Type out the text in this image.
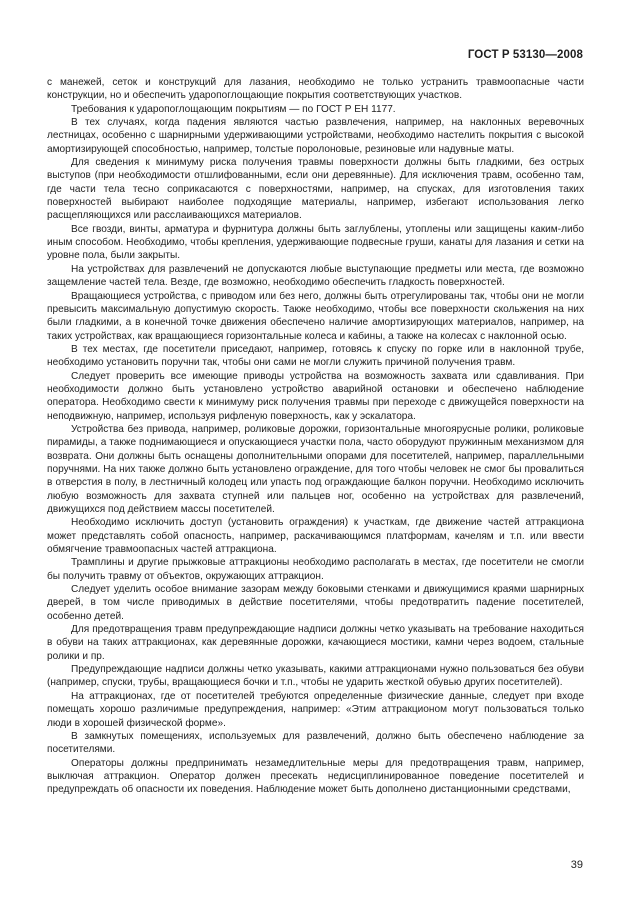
ГОСТ Р 53130—2008

с манежей, сеток и конструкций для лазания, необходимо не только устранить травмоопасные части конструкции, но и обеспечить ударопоглощающие покрытия соответствующих участков.

Требования к ударопоглощающим покрытиям — по ГОСТ Р ЕН 1177.

В тех случаях, когда падения являются частью развлечения, например, на наклонных веревочных лестницах, особенно с шарнирными удерживающими устройствами, необходимо настелить покрытия с высокой амортизирующей способностью, например, толстые поролоновые, резиновые или надувные маты.

Для сведения к минимуму риска получения травмы поверхности должны быть гладкими, без острых выступов (при необходимости отшлифованными, если они деревянные). Для исключения травм, особенно там, где части тела тесно соприкасаются с поверхностями, например, на спусках, для изготовления таких поверхностей выбирают наиболее подходящие материалы, например, избегают использования легко расщепляющихся или расслаивающихся материалов.

Все гвозди, винты, арматура и фурнитура должны быть заглублены, утоплены или защищены каким-либо иным способом. Необходимо, чтобы крепления, удерживающие подвесные груши, канаты для лазания и сетки на уровне пола, были закрыты.

На устройствах для развлечений не допускаются любые выступающие предметы или места, где возможно защемление частей тела. Везде, где возможно, необходимо обеспечить гладкость поверхностей.

Вращающиеся устройства, с приводом или без него, должны быть отрегулированы так, чтобы они не могли превысить максимальную допустимую скорость. Также необходимо, чтобы все поверхности скольжения на них были гладкими, а в конечной точке движения обеспечено наличие амортизирующих материалов, например, на таких устройствах, как вращающиеся горизонтальные колеса и кабины, а также на колесах с наклонной осью.

В тех местах, где посетители приседают, например, готовясь к спуску по горке или в наклонной трубе, необходимо установить поручни так, чтобы они сами не могли служить причиной получения травм.

Следует проверить все имеющие приводы устройства на возможность захвата или сдавливания. При необходимости должно быть установлено устройство аварийной остановки и обеспечено наблюдение оператора. Необходимо свести к минимуму риск получения травмы при переходе с движущейся поверхности на неподвижную, например, используя рифленую поверхность, как у эскалатора.

Устройства без привода, например, роликовые дорожки, горизонтальные многоярусные ролики, роликовые пирамиды, а также поднимающиеся и опускающиеся участки пола, часто оборудуют пружинным механизмом для возврата. Они должны быть оснащены дополнительными опорами для посетителей, например, параллельными поручнями. На них также должно быть установлено ограждение, для того чтобы человек не смог бы провалиться в отверстия в полу, в лестничный колодец или упасть под ограждающие балкон поручни. Необходимо исключить любую возможность для захвата ступней или пальцев ног, особенно на устройствах для развлечений, движущихся под действием массы посетителей.

Необходимо исключить доступ (установить ограждения) к участкам, где движение частей аттракциона может представлять собой опасность, например, раскачивающимся платформам, качелям и т.п. или ввести обмягчение травмоопасных частей аттракциона.

Трамплины и другие прыжковые аттракционы необходимо располагать в местах, где посетители не смогли бы получить травму от объектов, окружающих аттракцион.

Следует уделить особое внимание зазорам между боковыми стенками и движущимися краями шарнирных дверей, в том числе приводимых в действие посетителями, чтобы предотвратить падение посетителей, особенно детей.

Для предотвращения травм предупреждающие надписи должны четко указывать на требование находиться в обуви на таких аттракционах, как деревянные дорожки, качающиеся мостики, камни через водоем, стальные ролики и пр.

Предупреждающие надписи должны четко указывать, какими аттракционами нужно пользоваться без обуви (например, спуски, трубы, вращающиеся бочки и т.п., чтобы не ударить жесткой обувью других посетителей).

На аттракционах, где от посетителей требуются определенные физические данные, следует при входе помещать хорошо различимые предупреждения, например: «Этим аттракционом могут пользоваться только люди в хорошей физической форме».

В замкнутых помещениях, используемых для развлечений, должно быть обеспечено наблюдение за посетителями.

Операторы должны предпринимать незамедлительные меры для предотвращения травм, например, выключая аттракцион. Оператор должен пресекать недисциплинированное поведение посетителей и предупреждать об опасности их поведения. Наблюдение может быть дополнено дистанционными средствами,

39
